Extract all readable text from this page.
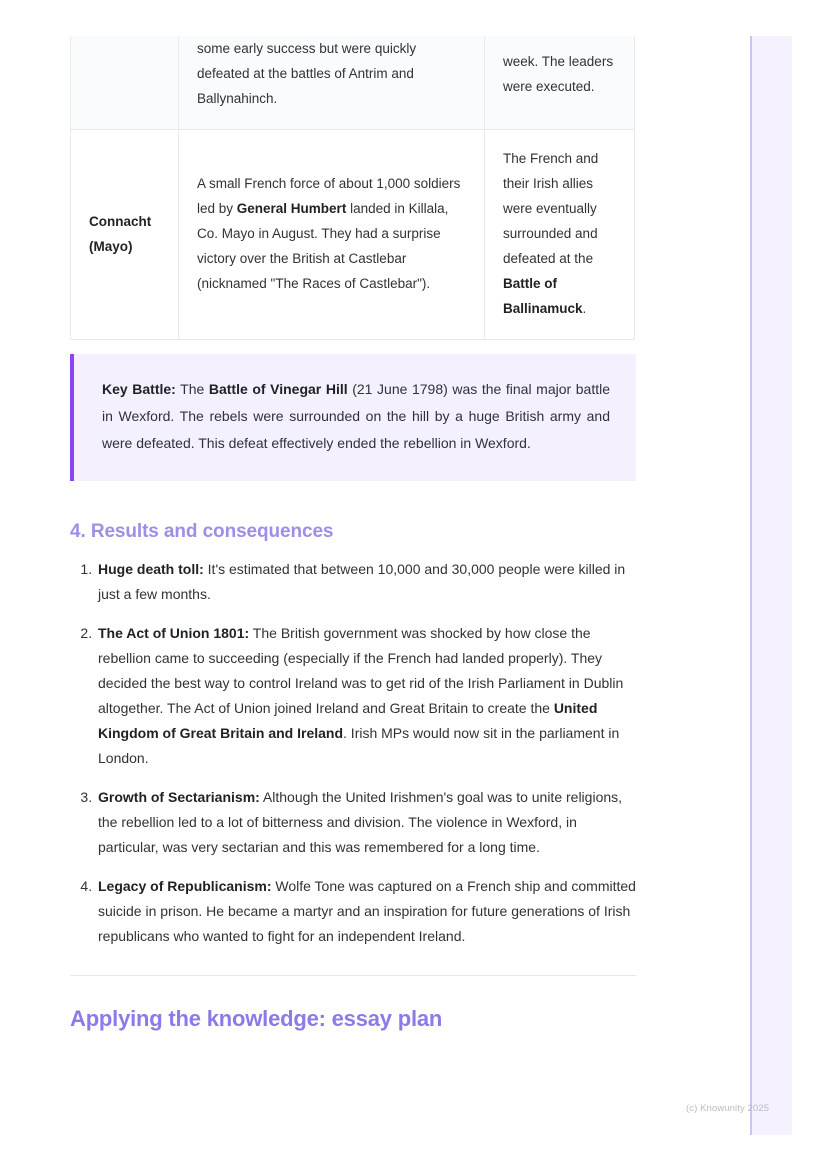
	some early success but were quickly defeated at the battles of Antrim and Ballynahinch.	week. The leaders were executed.
Connacht
(Mayo)	A small French force of about 1,000 soldiers led by General Humbert landed in Killala, Co. Mayo in August. They had a surprise victory over the British at Castlebar (nicknamed "The Races of Castlebar").	The French and their Irish allies were eventually surrounded and defeated at the Battle of Ballinamuck.
Key Battle: The Battle of Vinegar Hill (21 June 1798) was the final major battle in Wexford. The rebels were surrounded on the hill by a huge British army and were defeated. This defeat effectively ended the rebellion in Wexford.
4. Results and consequences
1. Huge death toll: It's estimated that between 10,000 and 30,000 people were killed in just a few months.
2. The Act of Union 1801: The British government was shocked by how close the rebellion came to succeeding (especially if the French had landed properly). They decided the best way to control Ireland was to get rid of the Irish Parliament in Dublin altogether. The Act of Union joined Ireland and Great Britain to create the United Kingdom of Great Britain and Ireland. Irish MPs would now sit in the parliament in London.
3. Growth of Sectarianism: Although the United Irishmen's goal was to unite religions, the rebellion led to a lot of bitterness and division. The violence in Wexford, in particular, was very sectarian and this was remembered for a long time.
4. Legacy of Republicanism: Wolfe Tone was captured on a French ship and committed suicide in prison. He became a martyr and an inspiration for future generations of Irish republicans who wanted to fight for an independent Ireland.
Applying the knowledge: essay plan
(c) Knowunity 2025
